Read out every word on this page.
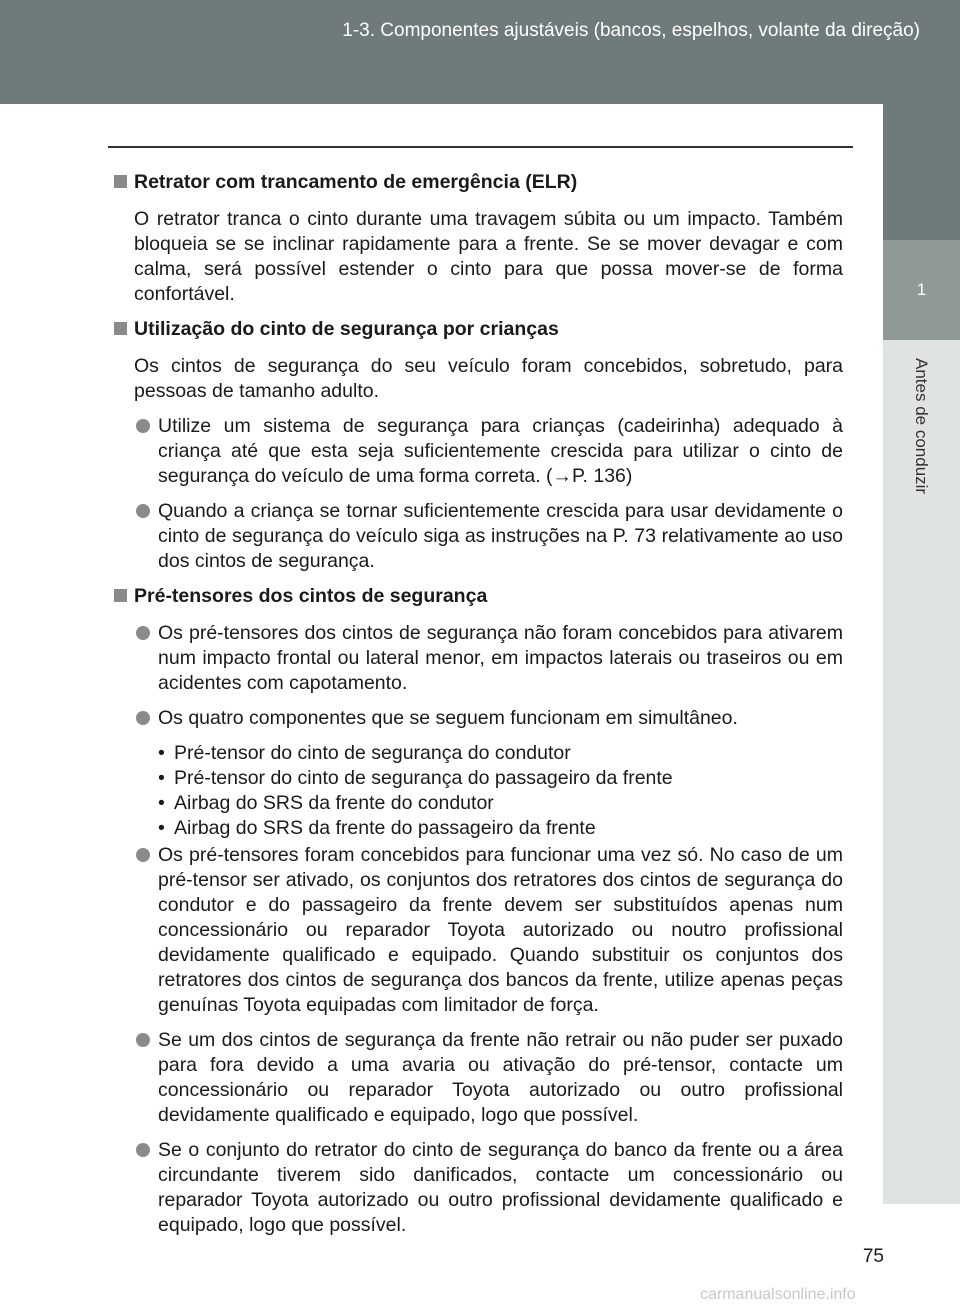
1-3. Componentes ajustáveis (bancos, espelhos, volante da direção)
1
Antes de conduzir
Retrator com trancamento de emergência (ELR)
O retrator tranca o cinto durante uma travagem súbita ou um impacto. Também bloqueia se se inclinar rapidamente para a frente. Se se mover devagar e com calma, será possível estender o cinto para que possa mover-se de forma confortável.
Utilização do cinto de segurança por crianças
Os cintos de segurança do seu veículo foram concebidos, sobretudo, para pessoas de tamanho adulto.
Utilize um sistema de segurança para crianças (cadeirinha) adequado à criança até que esta seja suficientemente crescida para utilizar o cinto de segurança do veículo de uma forma correta. (→P. 136)
Quando a criança se tornar suficientemente crescida para usar devidamente o cinto de segurança do veículo siga as instruções na P. 73 relativamente ao uso dos cintos de segurança.
Pré-tensores dos cintos de segurança
Os pré-tensores dos cintos de segurança não foram concebidos para ativarem num impacto frontal ou lateral menor, em impactos laterais ou traseiros ou em acidentes com capotamento.
Os quatro componentes que se seguem funcionam em simultâneo.
• Pré-tensor do cinto de segurança do condutor
• Pré-tensor do cinto de segurança do passageiro da frente
• Airbag do SRS da frente do condutor
• Airbag do SRS da frente do passageiro da frente
Os pré-tensores foram concebidos para funcionar uma vez só. No caso de um pré-tensor ser ativado, os conjuntos dos retratores dos cintos de segurança do condutor e do passageiro da frente devem ser substituídos apenas num concessionário ou reparador Toyota autorizado ou noutro profissional devidamente qualificado e equipado. Quando substituir os conjuntos dos retratores dos cintos de segurança dos bancos da frente, utilize apenas peças genuínas Toyota equipadas com limitador de força.
Se um dos cintos de segurança da frente não retrair ou não puder ser puxado para fora devido a uma avaria ou ativação do pré-tensor, contacte um concessionário ou reparador Toyota autorizado ou outro profissional devidamente qualificado e equipado, logo que possível.
Se o conjunto do retrator do cinto de segurança do banco da frente ou a área circundante tiverem sido danificados, contacte um concessionário ou reparador Toyota autorizado ou outro profissional devidamente qualificado e equipado, logo que possível.
75
carmanualsonline.info
